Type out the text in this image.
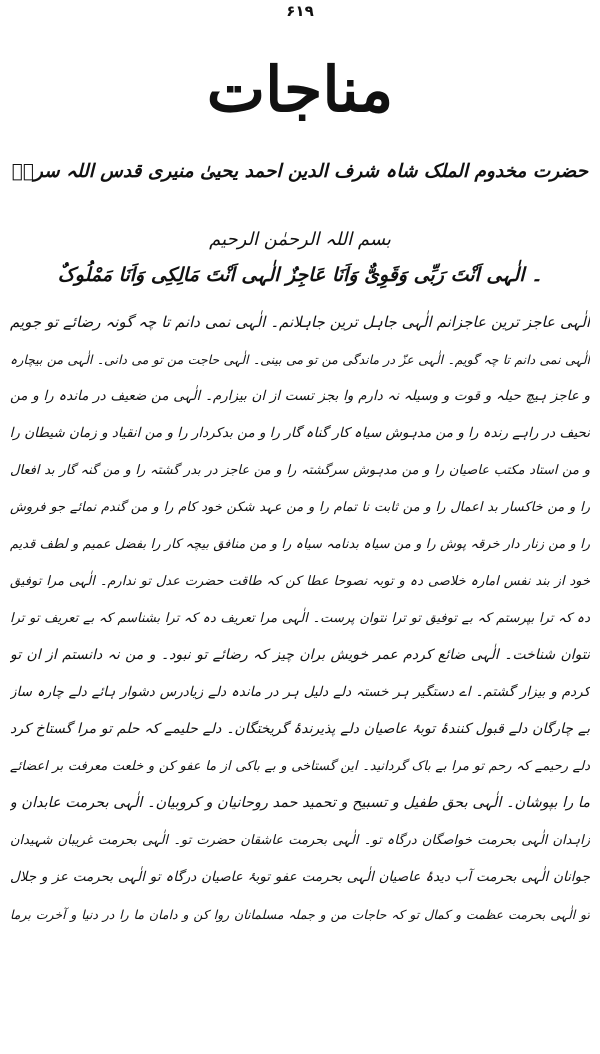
۶۱۹
مناجات
حضرت مخدوم الملک شاہ شرف الدین احمد یحییٰ منیری قدس اللہ سرہٗ
بسم اللہ الرحمٰن الرحیم
۔ الٰہی اَنْتَ رَبِّی وَقَوِیٌّ وَاَنَا عَاجِزٌ الٰہی اَنْتَ مَالِکِی وَاَنَا مَمْلُوکٌ
الٰہی عاجز ترین عاجزانم الٰہی جاہل ترین جاہلانم۔ الٰہی نمی دانم تا چہ گونہ رضائے تو جویم
الٰہی نمی دانم تا چہ گویم۔ الٰہی عزّ در ماندگی من تو می بینی۔ الٰہی حاجت من تو می دانی۔ الٰہی من بیچارہ
و عاجز ہیچ حیلہ و قوت و وسیلہ نہ دارم وا بجز تست از ان بیزارم۔ الٰہی من ضعیف در ماندہ را و من
نحیف در راہے رندہ را و من مدہوش سیاہ کار گناہ گار را و من بدکردار را و من انقیاد و زمان شیطان را
و من استاد مکتب عاصیان را و من مدہوش سرگشتہ را و من عاجز در بدر گشتہ را و من گنہ گار بد افعال
را و من خاکسار بد اعمال را و من ثابت نا تمام را و من عہد شکن خود کام را و من گندم نمائے جو فروش
را و من زنار دار خرقہ پوش را و من سیاہ بدنامہ سیاہ را و من منافق بیچہ کار را بفضل عمیم و لطف قدیم
خود از بند نفس امارہ خلاصی دہ و توبہ نصوحا عطا کن کہ طاقت حضرت عدل تو ندارم۔ الٰہی مرا توفیق
دہ کہ ترا بپرستم کہ بے توفیق تو ترا نتوان پرست۔ الٰہی مرا تعریف دہ کہ ترا بشناسم کہ بے تعریف تو ترا
نتوان شناخت۔ الٰہی ضائع کردم عمر خویش بران چیز کہ رضائے تو نبود۔ و من نہ دانستم از ان تو
کردم و بیزار گشتم۔ اے دستگیر ہر خستہ دلے دلیل ہر در ماندہ دلے زیادرس دشوار ہائے دلے چارہ ساز
بے چارگان دلے قبول کنندۂ توبۂ عاصیان دلے پذیرندۂ گریختگان۔ دلے حلیمے کہ حلم تو مرا گستاخ کرد
دلے رحیمے کہ رحم تو مرا بے باک گردانید۔ این گستاخی و بے باکی از ما عفو کن و خلعت معرفت بر اعضائے
ما را بپوشان۔ الٰہی بحق طفیل و تسبیح و تحمید حمد روحانیان و کروبیان۔ الٰہی بحرمت عابدان و
زاہدان الٰہی بحرمت خواصگان درگاہ تو۔ الٰہی بحرمت عاشقان حضرت تو۔ الٰہی بحرمت غریبان شہیدان
جوانان الٰہی بحرمت آب دیدۂ عاصیان الٰہی بحرمت عفو توبۂ عاصیان درگاہ تو الٰہی بحرمت عز و جلال
تو الٰہی بحرمت عظمت و کمال تو کہ حاجات من و جملہ مسلمانان روا کن و دامان ما را در دنیا و آخرت برما
